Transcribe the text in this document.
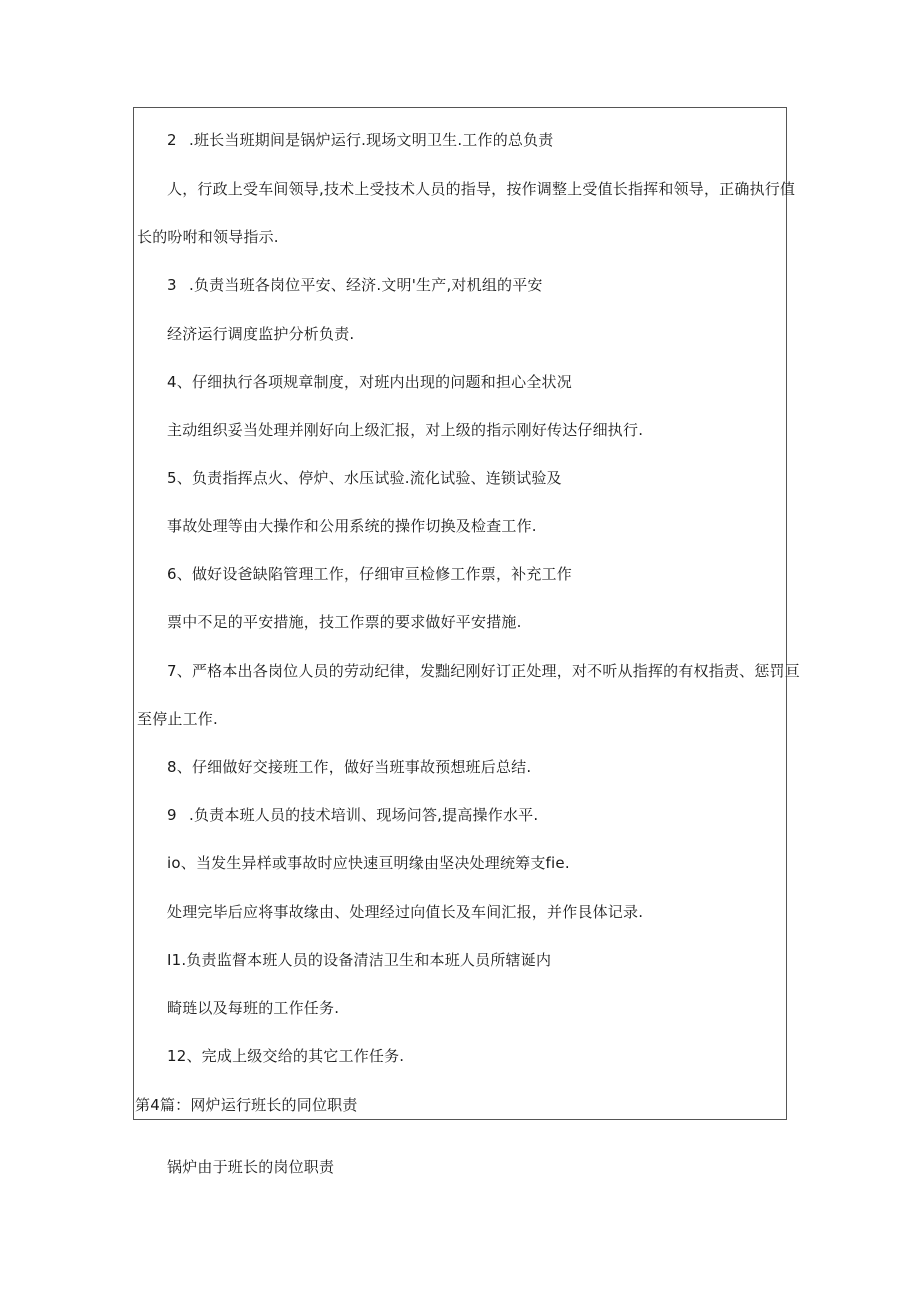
2 .班长当班期间是锅炉运行.现场文明卫生.工作的总负责
人，行政上受车间领导,技术上受技术人员的指导，按作调整上受值长指挥和领导，正确执行值
长的吩咐和领导指示.
3 .负责当班各岗位平安、经济.文明'生产,对机组的平安
经济运行调度监护分析负责.
4、仔细执行各项规章制度，对班内出现的问题和担心全状况
主动组织妥当处理并刚好向上级汇报，对上级的指示刚好传达仔细执行.
5、负责指挥点火、停炉、水压试验.流化试验、连锁试验及
事故处理等由大操作和公用系统的操作切换及检查工作.
6、做好设爸缺陷管理工作，仔细审亘检修工作票，补充工作
票中不足的平安措施，技工作票的要求做好平安措施.
7、严格本出各岗位人员的劳动纪律，发黜纪刚好订正处理，对不听从指挥的有权指责、惩罚亘
至停止工作.
8、仔细做好交接班工作，做好当班事故预想班后总结.
9 .负责本班人员的技术培训、现场问答,提高操作水平.
io、当发生异样或事故时应快速亘明缘由坚决处理统筹支fie.
处理完毕后应将事故缘由、处理经过向值长及车间汇报，并作艮体记录.
I1.负责监督本班人员的设备清洁卫生和本班人员所辖诞内
畸琏以及每班的工作任务.
12、完成上级交给的其它工作任务.
第4篇：网炉运行班长的同位职责
锅炉由于班长的岗位职责
